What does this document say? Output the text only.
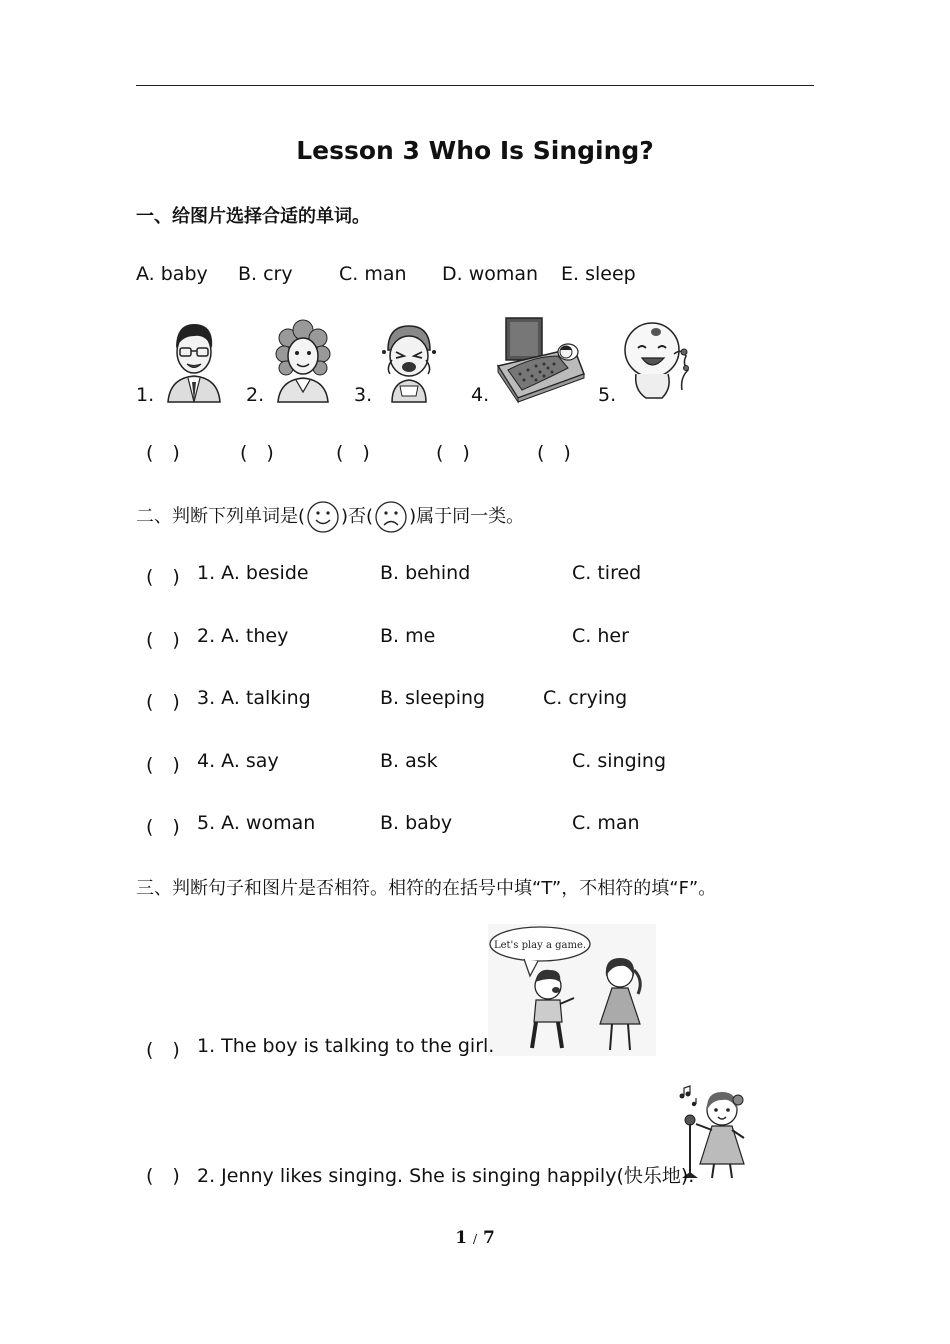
Lesson 3 Who Is Singing?
一、给图片选择合适的单词。
A. baby B. cry C. man D. woman E. sleep
1.	2.	3.	4.	5.
(　)	(　)	(　)	(　)	(　)
二、判断下列单词是( )否( )属于同一类。
(　) 1. A. beside	B. behind	C. tired
(　) 2. A. they	B. me	C. her
(　) 3. A. talking	B. sleeping	C. crying
(　) 4. A. say	B. ask	C. singing
(　) 5. A. woman	B. baby	C. man
三、判断句子和图片是否相符。相符的在括号中填“T”，不相符的填“F”。
Let's play a game.
(　) 1. The boy is talking to the girl.
(　) 2. Jenny likes singing. She is singing happily(快乐地).
1 / 7
